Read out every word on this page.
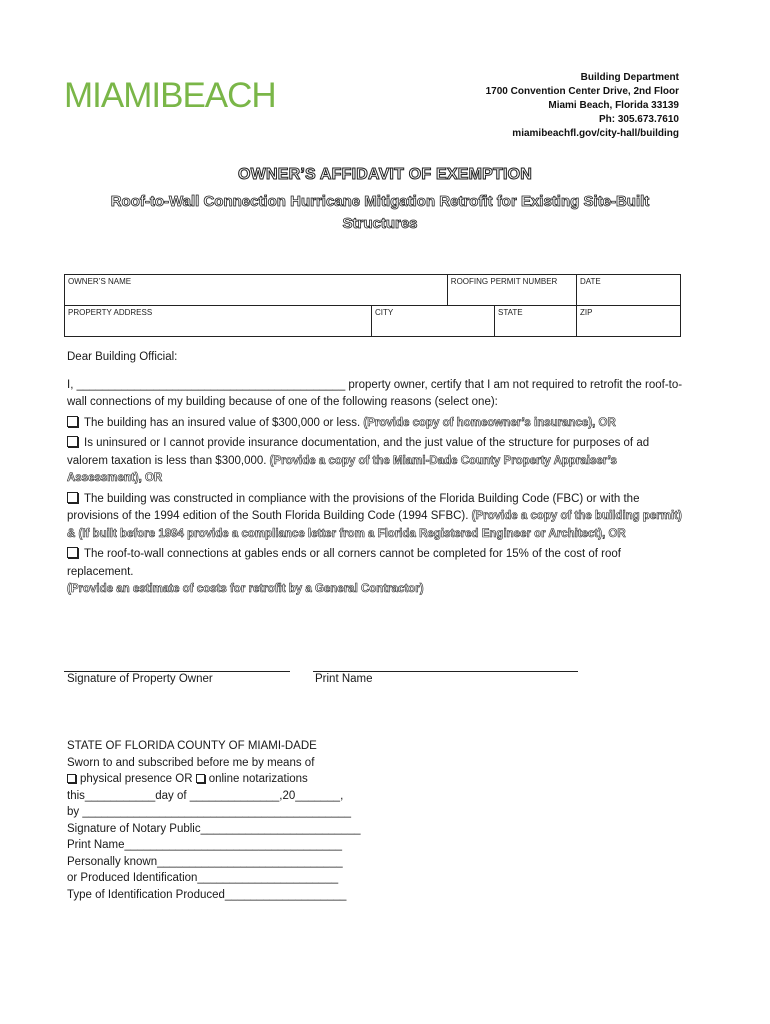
MIAMIBEACH	Building Department
1700 Convention Center Drive, 2nd Floor
Miami Beach, Florida 33139
Ph: 305.673.7610
miamibeachfl.gov/city-hall/building
OWNER’S AFFIDAVIT OF EXEMPTION
Roof-to-Wall Connection Hurricane Mitigation Retrofit for Existing Site-Built Structures
OWNER’S NAME		ROOFING PERMIT NUMBER		DATE
PROPERTY ADDRESS	CITY		STATE	ZIP

Dear Building Official:

I, __________________________________________ property owner, certify that I am not required to retrofit the roof-to-wall connections of my building because of one of the following reasons (select one):

The building has an insured value of $300,000 or less. (Provide copy of homeowner’s insurance), OR

Is uninsured or I cannot provide insurance documentation, and the just value of the structure for purposes of ad valorem taxation is less than $300,000. (Provide a copy of the Miami-Dade County Property Appraiser’s Assessment), OR

The building was constructed in compliance with the provisions of the Florida Building Code (FBC) or with the provisions of the 1994 edition of the South Florida Building Code (1994 SFBC). (Provide a copy of the building permit) & (If built before 1994 provide a compliance letter from a Florida Registered Engineer or Architect), OR

The roof-to-wall connections at gables ends or all corners cannot be completed for 15% of the cost of roof replacement.

(Provide an estimate of costs for retrofit by a General Contractor)

Signature of Property Owner	Print Name

STATE OF FLORIDA COUNTY OF MIAMI-DADE

Sworn to and subscribed before me by means of

physical presence OR online notarizations

this___________day of ______________,20_______,

by __________________________________________

Signature of Notary Public_________________________

Print Name__________________________________

Personally known_____________________________

or Produced Identification______________________

Type of Identification Produced___________________
